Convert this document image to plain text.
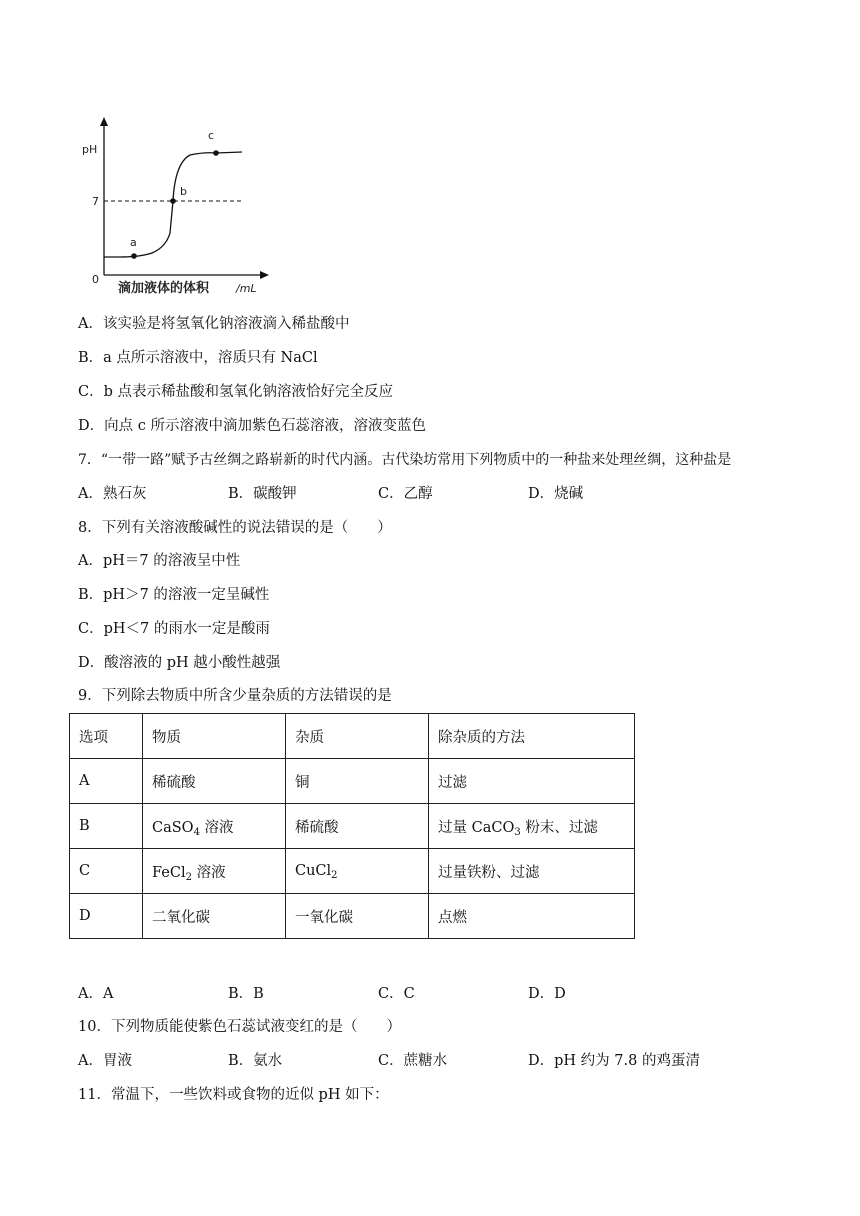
a
b
c
pH
7
0
滴加液体的体积 /mL
A．该实验是将氢氧化钠溶液滴入稀盐酸中
B．a 点所示溶液中，溶质只有 NaCl
C．b 点表示稀盐酸和氢氧化钠溶液恰好完全反应
D．向点 c 所示溶液中滴加紫色石蕊溶液，溶液变蓝色
7．“一带一路”赋予古丝绸之路崭新的时代内涵。古代染坊常用下列物质中的一种盐来处理丝绸，这种盐是
A．熟石灰	B．碳酸钾	C．乙醇	D．烧碱
8．下列有关溶液酸碱性的说法错误的是（　　）
A．pH＝7 的溶液呈中性
B．pH＞7 的溶液一定呈碱性
C．pH＜7 的雨水一定是酸雨
D．酸溶液的 pH 越小酸性越强
9．下列除去物质中所含少量杂质的方法错误的是
选项	物质	杂质	除杂质的方法
A	稀硫酸	铜	过滤
B	CaSO$_4$ 溶液	稀硫酸	过量 CaCO$_3$ 粉末、过滤
C	FeCl$_2$ 溶液	CuCl$_2$	过量铁粉、过滤
D	二氧化碳	一氧化碳	点燃
A．A	B．B	C．C	D．D
10．下列物质能使紫色石蕊试液变红的是（　　）
A．胃液	B．氨水	C．蔗糖水	D．pH 约为 7.8 的鸡蛋清
11．常温下，一些饮料或食物的近似 pH 如下：
